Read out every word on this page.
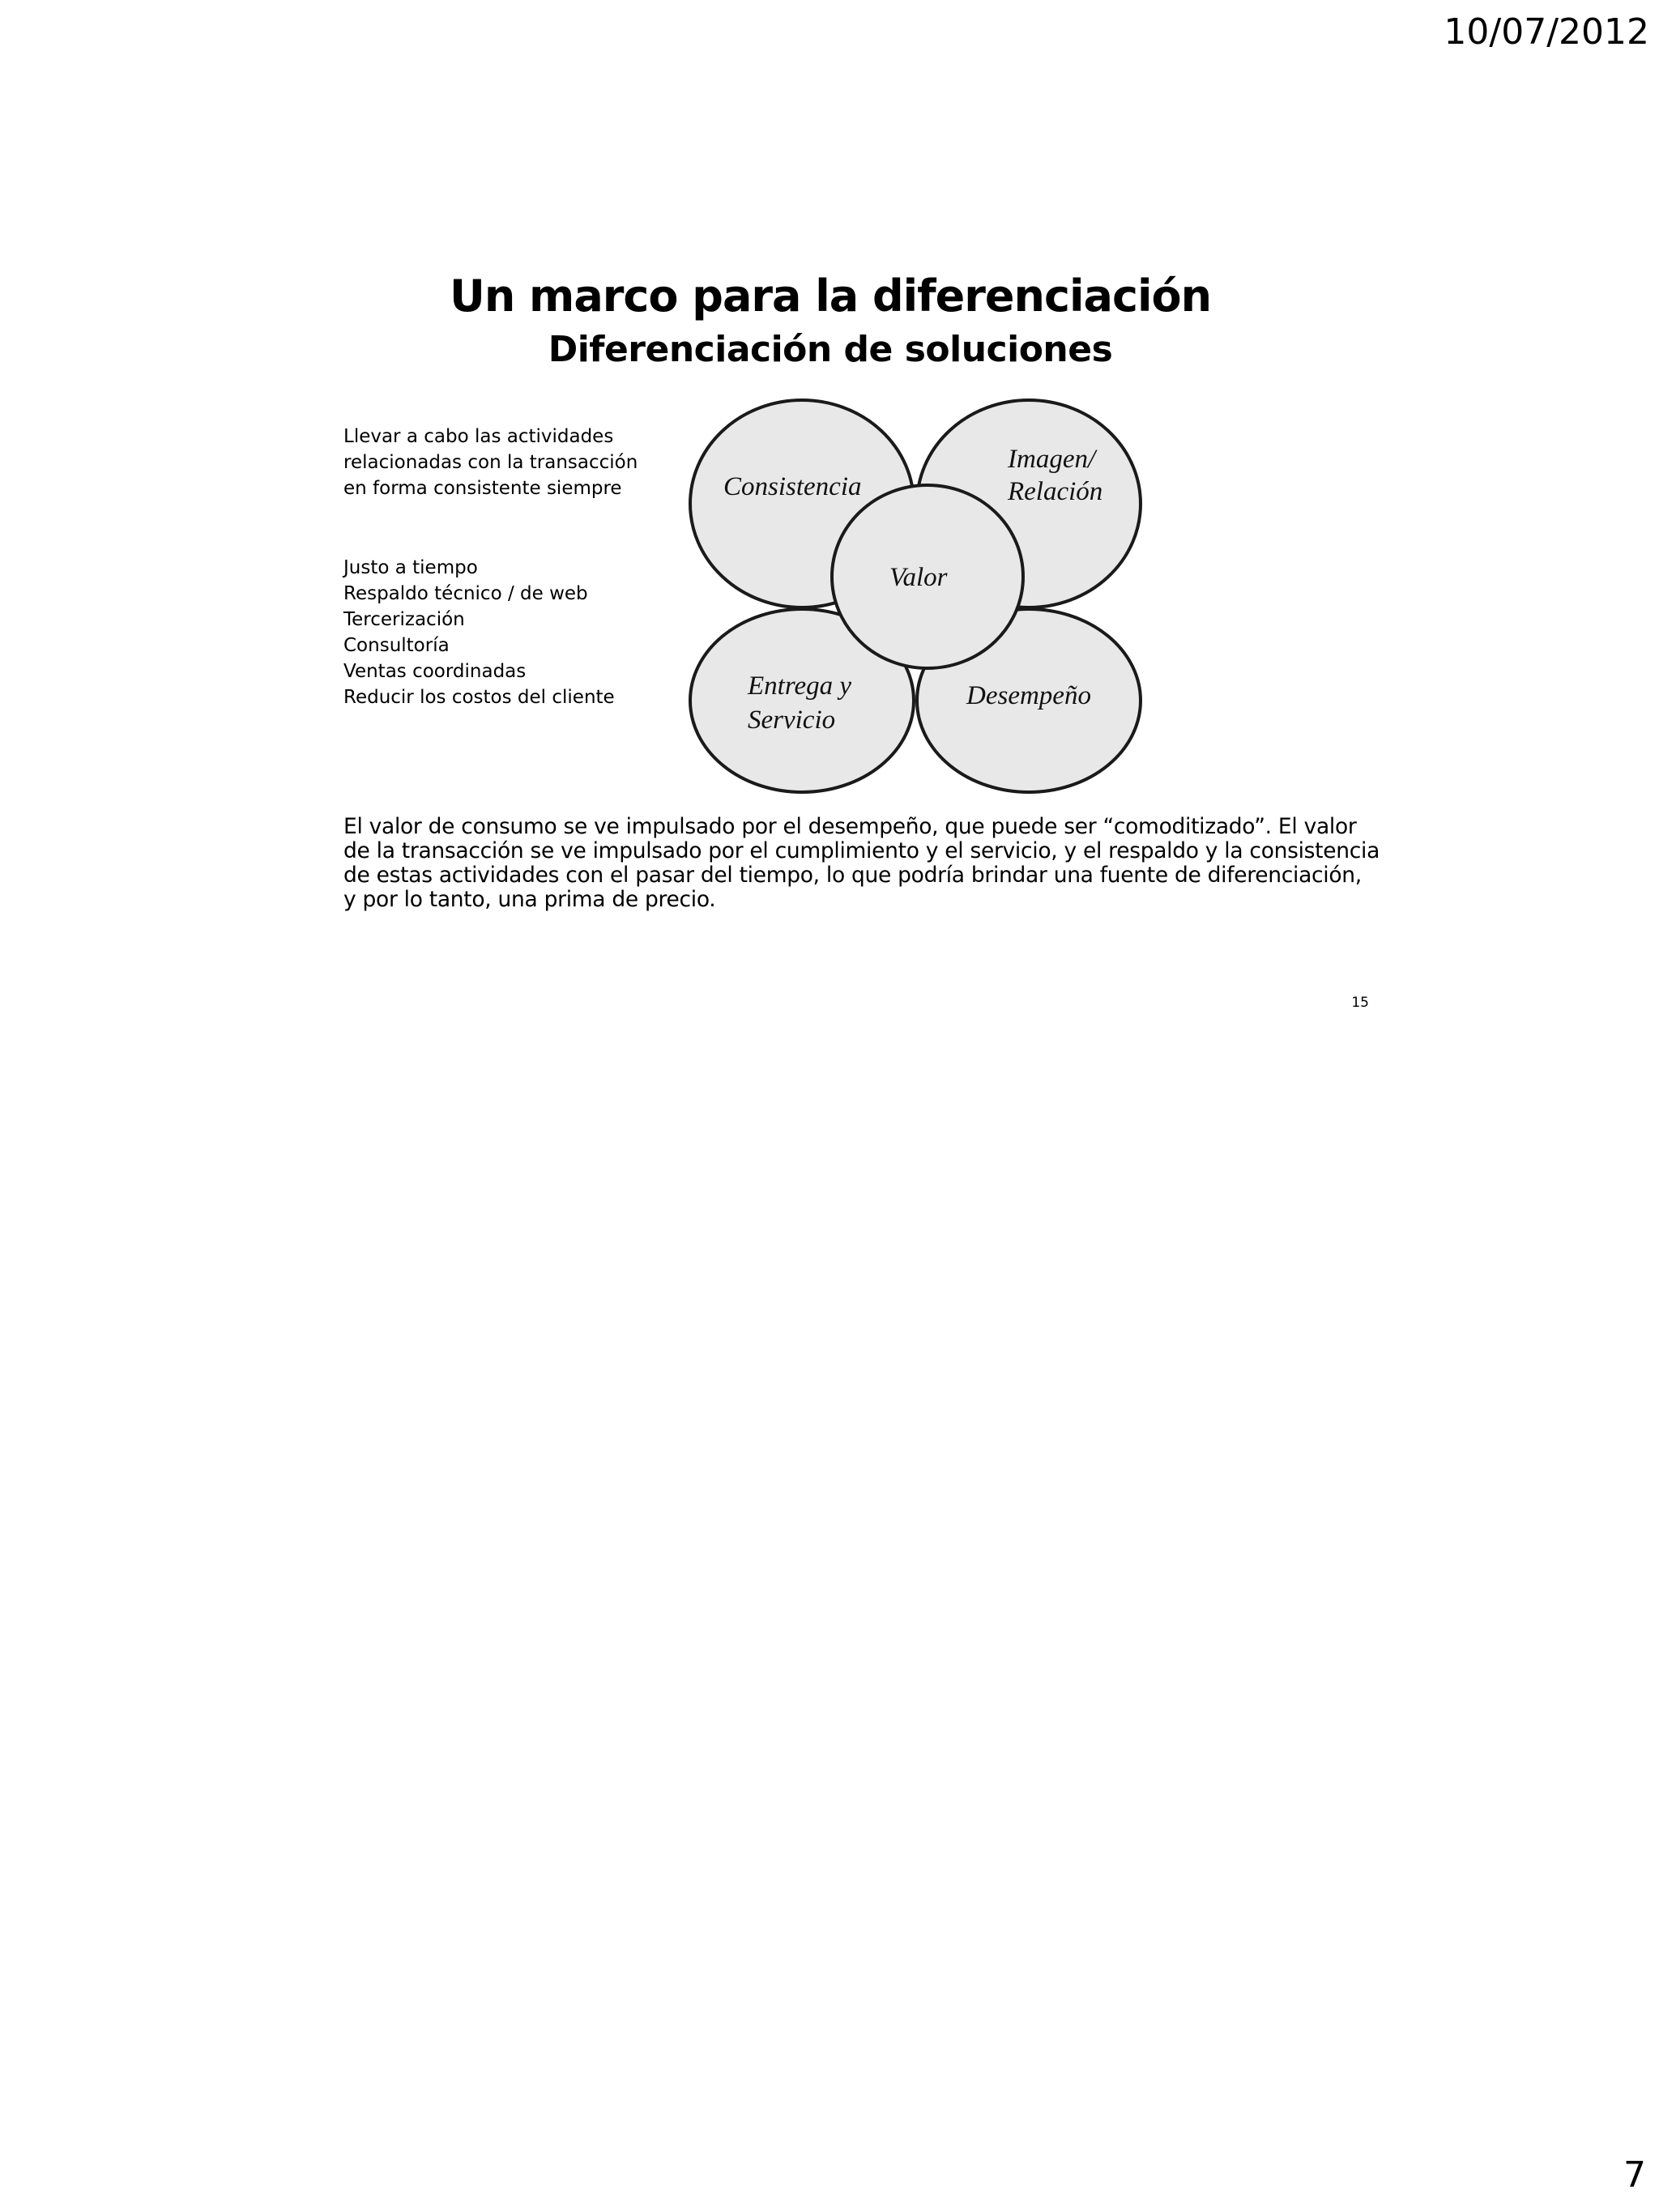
10/07/2012
Un marco para la diferenciación
Diferenciación de soluciones
Llevar a cabo las actividades
relacionadas con la transacción
en forma consistente siempre
Justo a tiempo
Respaldo técnico / de web
Tercerización
Consultoría
Ventas coordinadas
Reducir los costos del cliente
Consistencia
Imagen/
Relación
Valor
Entrega y
Servicio
Desempeño
El valor de consumo se ve impulsado por el desempeño, que puede ser “comoditizado”. El valor
de la transacción se ve impulsado por el cumplimiento y el servicio, y el respaldo y la consistencia
de estas actividades con el pasar del tiempo, lo que podría brindar una fuente de diferenciación,
y por lo tanto, una prima de precio.
15
7
